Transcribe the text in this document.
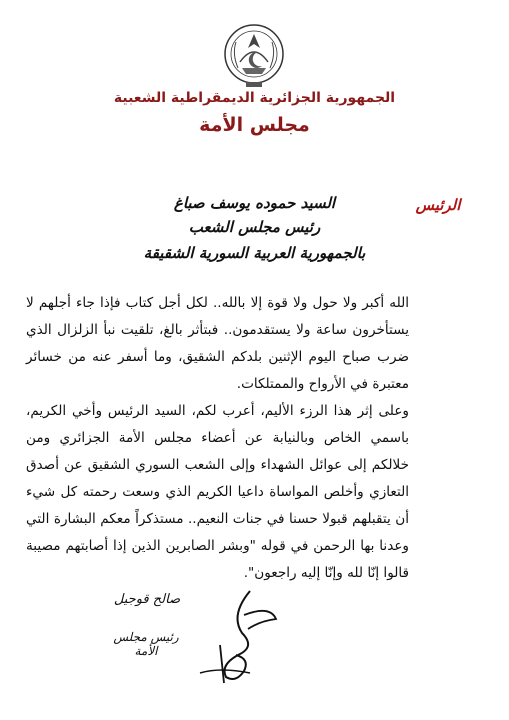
الجمهورية الجزائرية الديمقراطية الشعبية
مجلس الأمة
الرئيس
السيد حموده يوسف صباغ
رئيس مجلس الشعب
بالجمهورية العربية السورية الشقيقة

الله أكبر ولا حول ولا قوة إلا بالله.. لكل أجل كتاب فإذا جاء أجلهم لا يستأخرون ساعة ولا يستقدمون.. فبتأثر بالغ، تلقيت نبأ الزلزال الذي ضرب صباح اليوم الإثنين بلدكم الشقيق، وما أسفر عنه من خسائر معتبرة في الأرواح والممتلكات.

وعلى إثر هذا الرزء الأليم، أعرب لكم، السيد الرئيس وأخي الكريم، باسمي الخاص وبالنيابة عن أعضاء مجلس الأمة الجزائري ومن خلالكم إلى عوائل الشهداء وإلى الشعب السوري الشقيق عن أصدق التعازي وأخلص المواساة داعيا الكريم الذي وسعت رحمته كل شيء أن يتقبلهم قبولا حسنا في جنات النعيم.. مستذكراً معكم البشارة التي وعدنا بها الرحمن في قوله "وبشر الصابرين الذين إذا أصابتهم مصيبة قالوا إنّا لله وإنّا إليه راجعون".

صالح قوجيل
رئيس مجلس الأمة
